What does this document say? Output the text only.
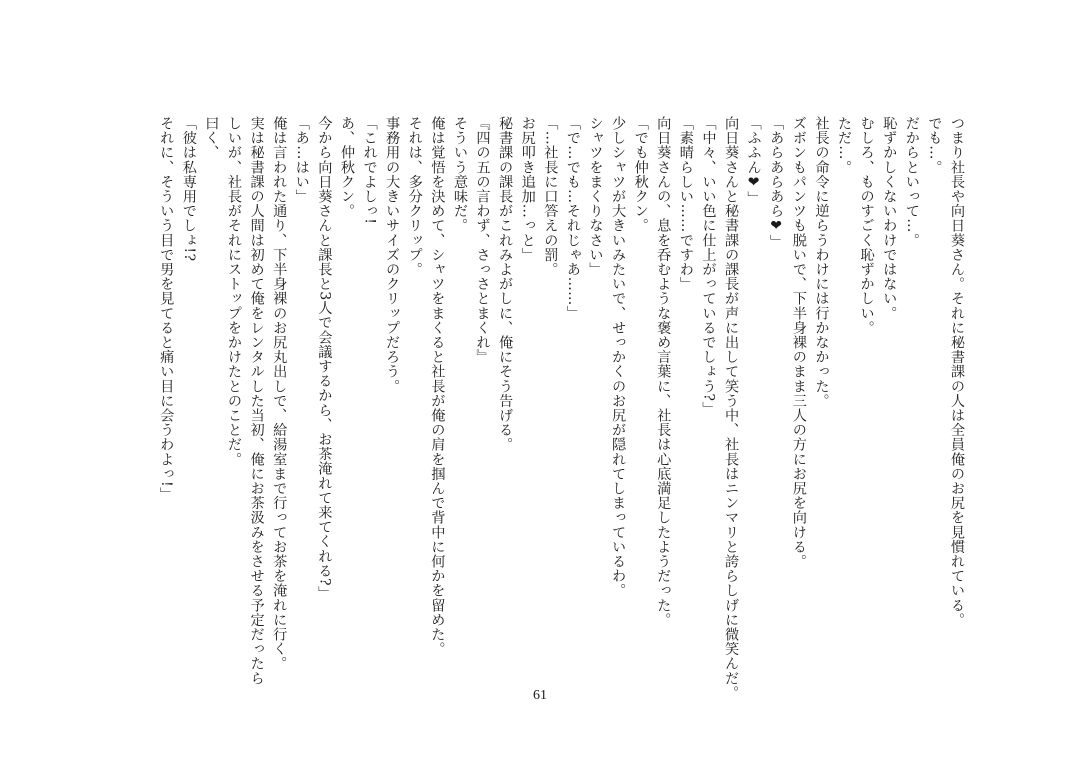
つまり社長や向日葵さん。それに秘書課の人は全員俺のお尻を見慣れている。
でも…。
だからといって…。
恥ずかしくないわけではない。
むしろ、ものすごく恥ずかしい。
ただ…。
社長の命令に逆らうわけには行かなかった。
ズボンもパンツも脱いで、下半身裸のまま三人の方にお尻を向ける。
「あらあらあら❤」
「ふふん❤」
向日葵さんと秘書課の課長が声に出して笑う中、社長はニンマリと誇らしげに微笑んだ。
「中々、いい色に仕上がっているでしょう?」
「素晴らしい……ですわ」
向日葵さんの、息を呑むような褒め言葉に、社長は心底満足したようだった。
「でも仲秋クン。
少しシャツが大きいみたいで、せっかくのお尻が隠れてしまっているわ。
シャツをまくりなさい」
「で…でも…それじゃあ……」
「…社長に口答えの罰。
お尻叩き追加…っと」
秘書課の課長がこれみよがしに、俺にそう告げる。
『四の五の言わず、さっさとまくれ』
そういう意味だ。
俺は覚悟を決めて、シャツをまくると社長が俺の肩を掴んで背中に何かを留めた。
それは、多分クリップ。
事務用の大きいサイズのクリップだろう。
「これでよしっ!
あ、仲秋クン。
今から向日葵さんと課長と3人で会議するから、お茶淹れて来てくれる?」
「あ…はい」
俺は言われた通り、下半身裸のお尻丸出しで、給湯室まで行ってお茶を淹れに行く。
実は秘書課の人間は初めて俺をレンタルした当初、俺にお茶汲みをさせる予定だったら
しいが、社長がそれにストップをかけたとのことだ。
曰く、
「彼は私専用でしょ!?
それに、そういう目で男を見てると痛い目に会うわよっ!」
61
